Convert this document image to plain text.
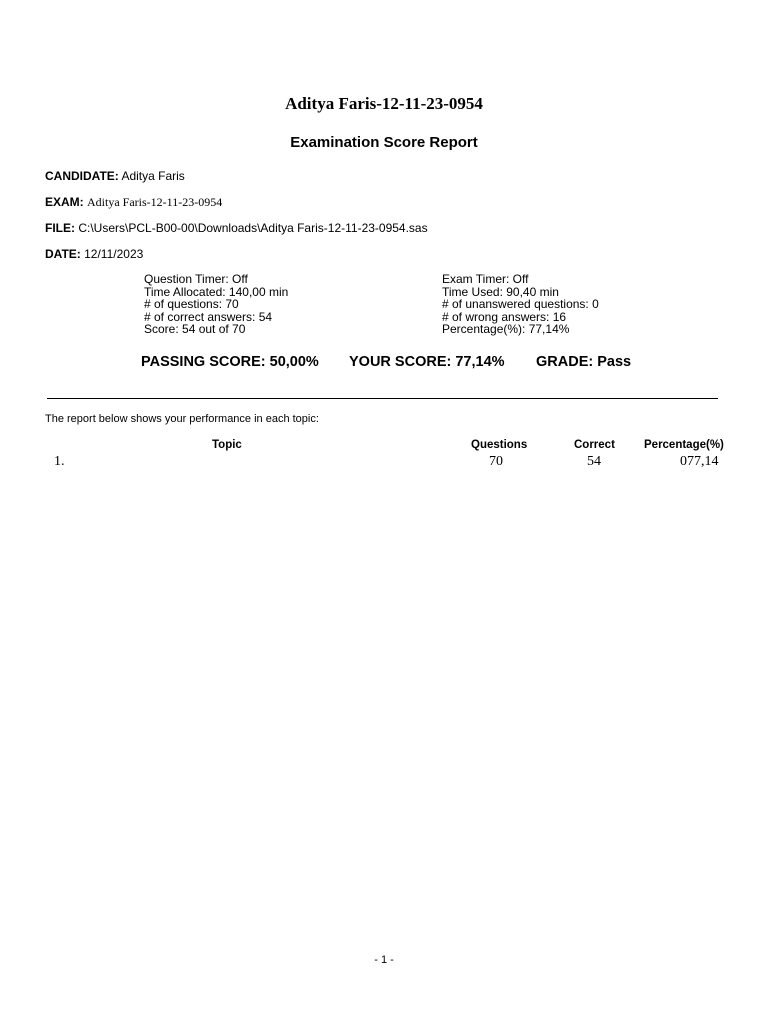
Aditya Faris-12-11-23-0954
Examination Score Report
CANDIDATE: Aditya Faris
EXAM: Aditya Faris-12-11-23-0954
FILE: C:\Users\PCL-B00-00\Downloads\Aditya Faris-12-11-23-0954.sas
DATE: 12/11/2023
Question Timer: Off
Time Allocated: 140,00 min
# of questions: 70
# of correct answers: 54
Score: 54 out of 70
Exam Timer: Off
Time Used: 90,40 min
# of unanswered questions: 0
# of wrong answers: 16
Percentage(%): 77,14%
PASSING SCORE: 50,00% YOUR SCORE: 77,14% GRADE: Pass
The report below shows your performance in each topic:
Topic	Questions	Correct	Percentage(%)
1.	70	54	077,14
- 1 -
